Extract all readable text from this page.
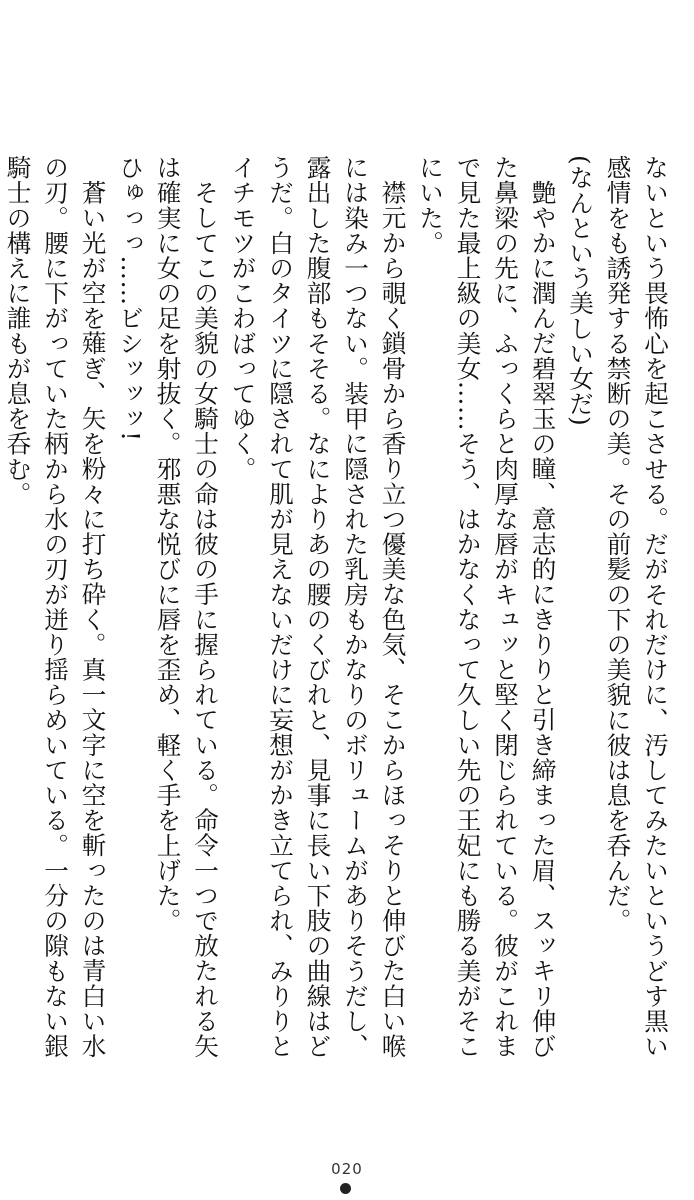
ないという畏怖心を起こさせる。だがそれだけに、汚してみたいというどす黒い感情をも誘発する禁断の美。その前髪の下の美貌に彼は息を呑んだ。

(なんという美しい女だ)

艶やかに潤んだ碧翠玉の瞳、意志的にきりりと引き締まった眉、スッキリ伸びた鼻梁の先に、ふっくらと肉厚な唇がキュッと堅く閉じられている。彼がこれまで見た最上級の美女……そう、はかなくなって久しい先の王妃にも勝る美がそこにいた。

襟元から覗く鎖骨から香り立つ優美な色気、そこからほっそりと伸びた白い喉には染み一つない。装甲に隠された乳房もかなりのボリュームがありそうだし、露出した腹部もそそる。なによりあの腰のくびれと、見事に長い下肢の曲線はどうだ。白のタイツに隠されて肌が見えないだけに妄想がかき立てられ、みりりとイチモツがこわばってゆく。

そしてこの美貌の女騎士の命は彼の手に握られている。命令一つで放たれる矢は確実に女の足を射抜く。邪悪な悦びに唇を歪め、軽く手を上げた。

ひゅっっ……ビシッッッ!

蒼い光が空を薙ぎ、矢を粉々に打ち砕く。真一文字に空を斬ったのは青白い水の刃。腰に下がっていた柄から水の刃が迸り揺らめいている。一分の隙もない銀騎士の構えに誰もが息を呑む。

020
